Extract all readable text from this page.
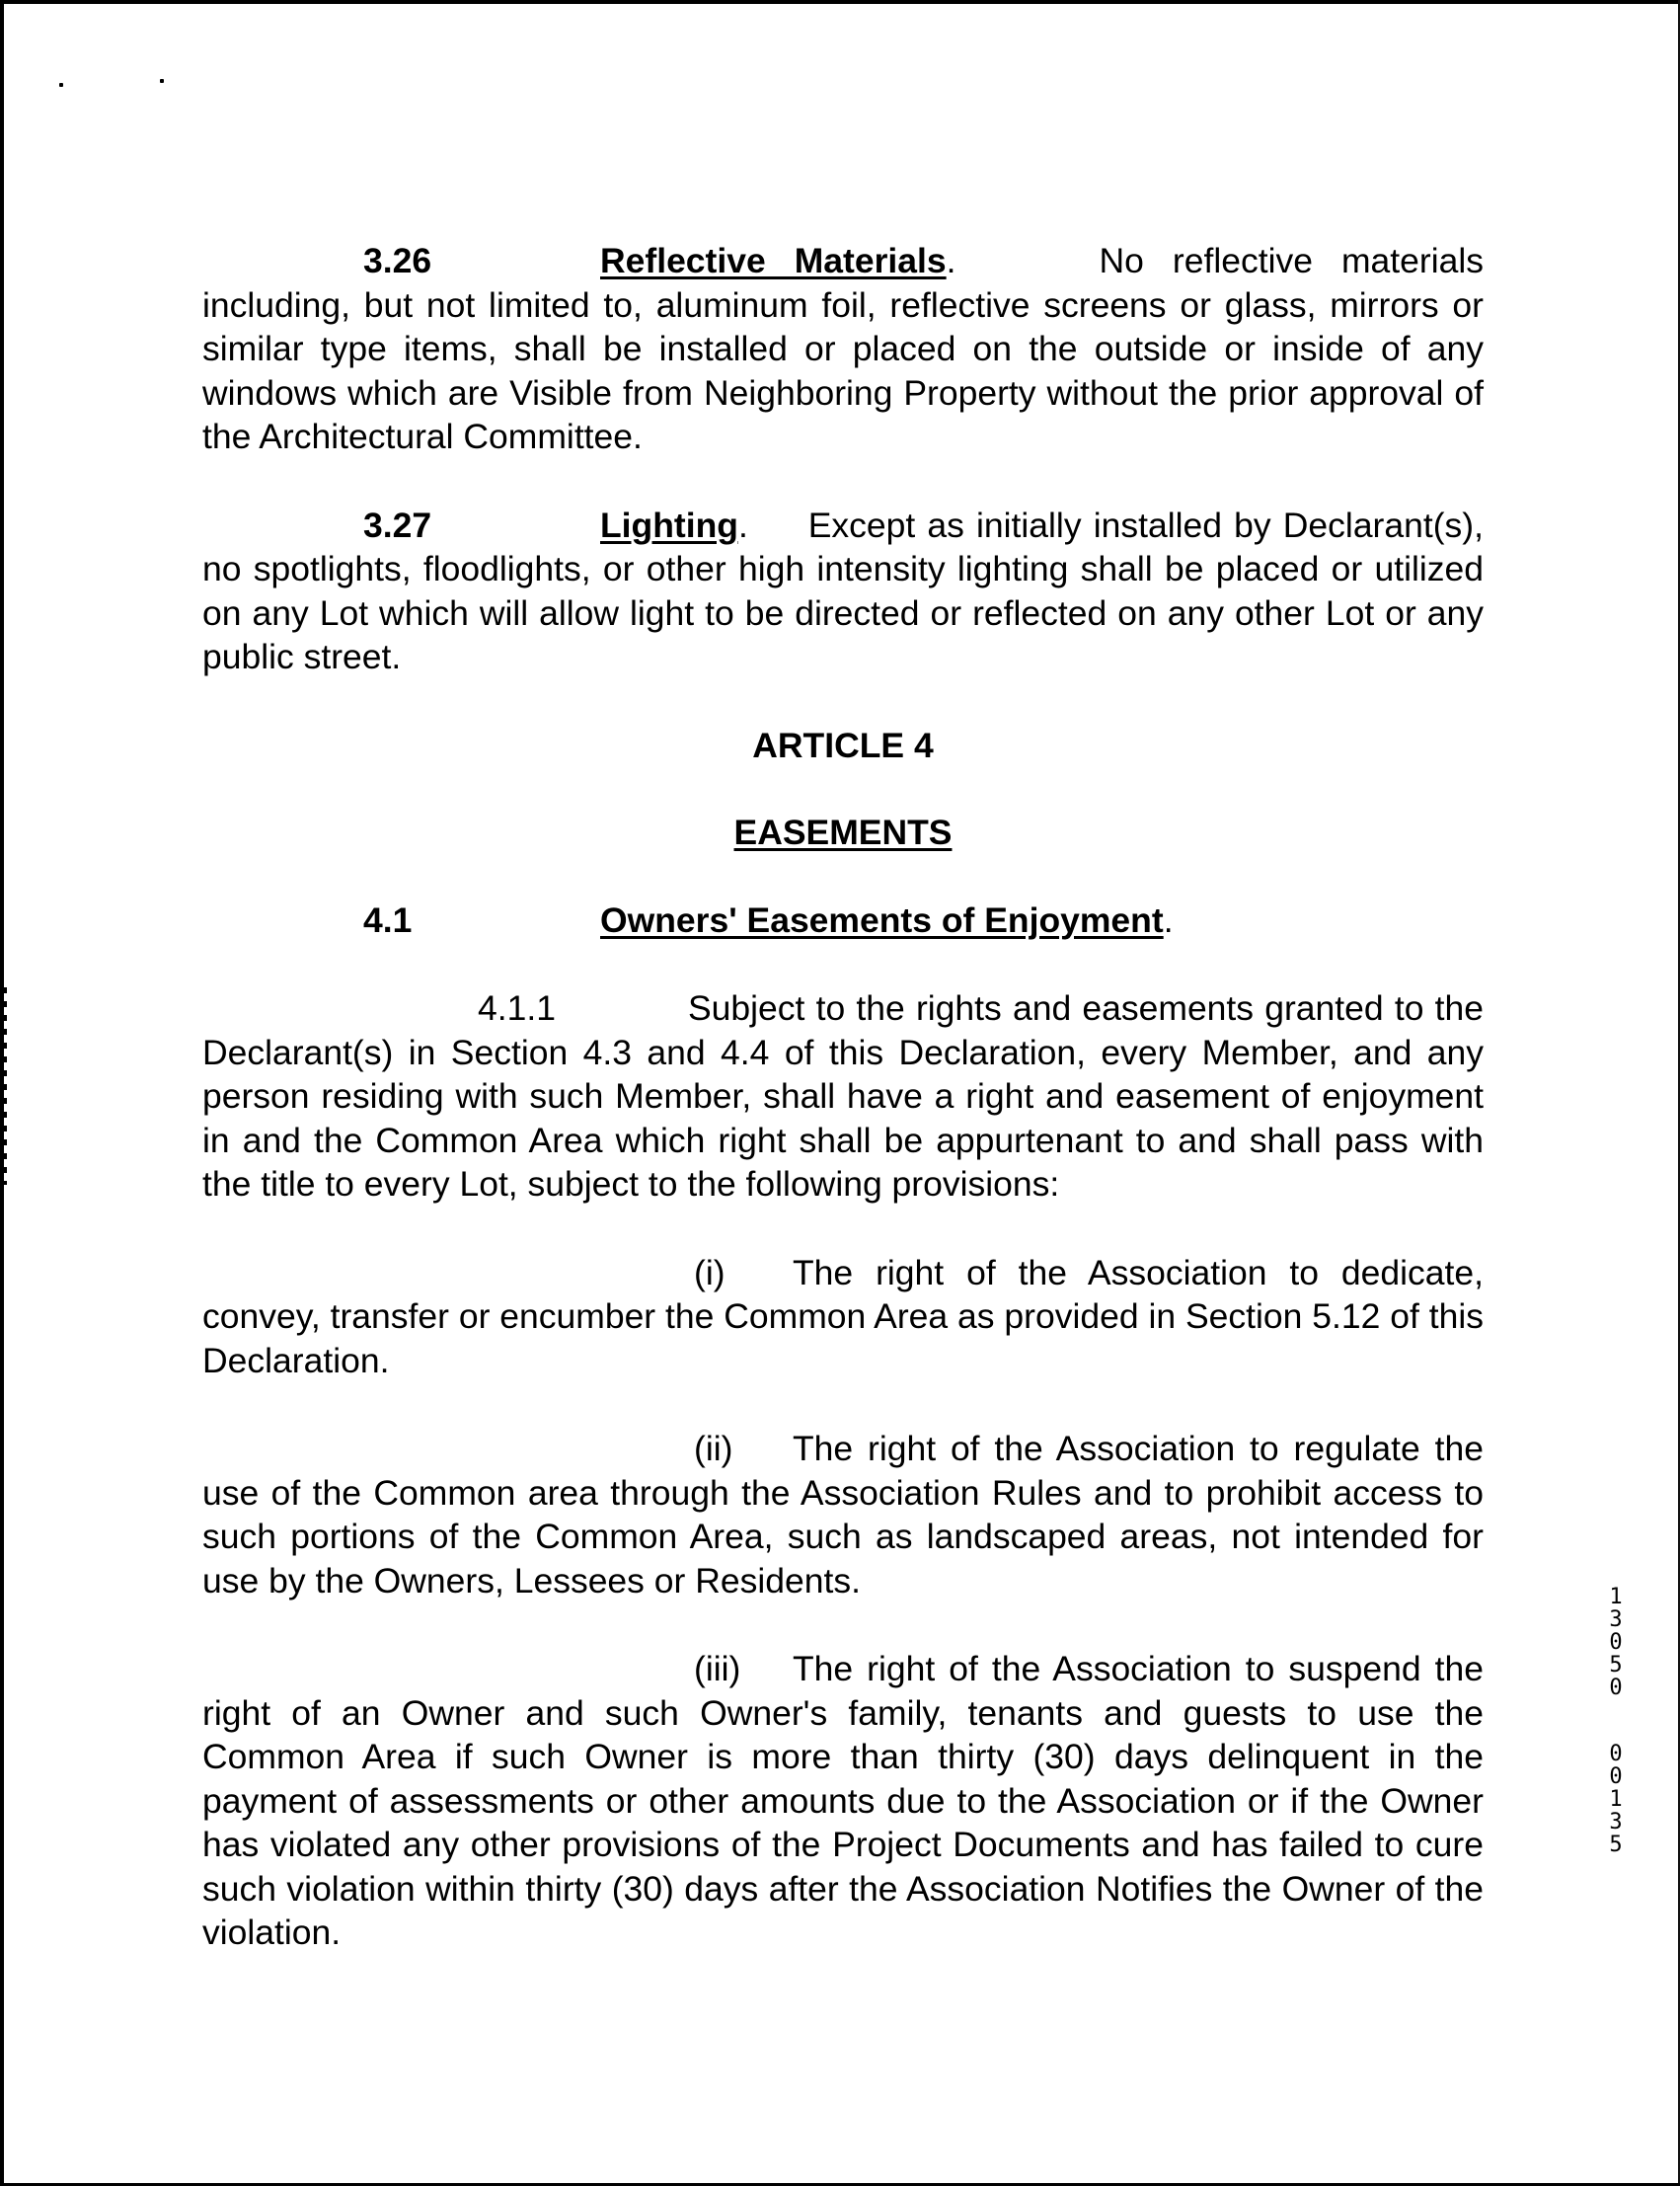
3.26	Reflective Materials.	No reflective materials including, but not limited to, aluminum foil, reflective screens or glass, mirrors or similar type items, shall be installed or placed on the outside or inside of any windows which are Visible from Neighboring Property without the prior approval of the Architectural Committee.

3.27	Lighting. Except as initially installed by Declarant(s), no spotlights, floodlights, or other high intensity lighting shall be placed or utilized on any Lot which will allow light to be directed or reflected on any other Lot or any public street.

ARTICLE 4
EASEMENTS
4.1	Owners' Easements of Enjoyment.

4.1.1	Subject to the rights and easements granted to the Declarant(s) in Section 4.3 and 4.4 of this Declaration, every Member, and any person residing with such Member, shall have a right and easement of enjoyment in and the Common Area which right shall be appurtenant to and shall pass with the title to every Lot, subject to the following provisions:

(i) The right of the Association to dedicate, convey, transfer or encumber the Common Area as provided in Section 5.12 of this Declaration.

(ii) The right of the Association to regulate the use of the Common area through the Association Rules and to prohibit access to such portions of the Common Area, such as landscaped areas, not intended for use by the Owners, Lessees or Residents.

(iii) The right of the Association to suspend the right of an Owner and such Owner's family, tenants and guests to use the Common Area if such Owner is more than thirty (30) days delinquent in the payment of assessments or other amounts due to the Association or if the Owner has violated any other provisions of the Project Documents and has failed to cure such violation within thirty (30) days after the Association Notifies the Owner of the violation.

1
3
0
5
0
0
0
1
3
5
